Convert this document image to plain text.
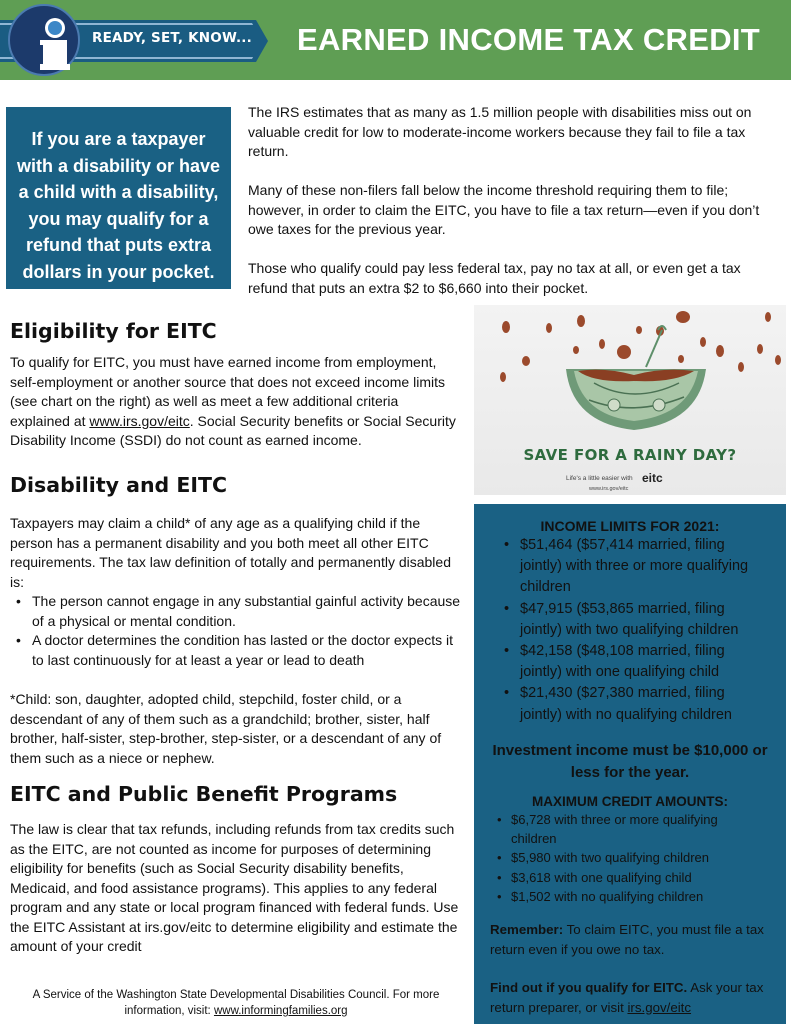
READY, SET, KNOW... EARNED INCOME TAX CREDIT
If you are a taxpayer with a disability or have a child with a disability, you may qualify for a refund that puts extra dollars in your pocket.

The IRS estimates that as many as 1.5 million people with disabilities miss out on valuable credit for low to moderate-income workers because they fail to file a tax return.

Many of these non-filers fall below the income threshold requiring them to file; however, in order to claim the EITC, you have to file a tax return—even if you don’t owe taxes for the previous year.

Those who qualify could pay less federal tax, pay no tax at all, or even get a tax refund that puts an extra $2 to $6,660 into their pocket.

Eligibility for EITC
To qualify for EITC, you must have earned income from employment, self-employment or another source that does not exceed income limits (see chart on the right) as well as meet a few additional criteria explained at www.irs.gov/eitc. Social Security benefits or Social Security Disability Income (SSDI) do not count as earned income.
Disability and EITC
Taxpayers may claim a child* of any age as a qualifying child if the person has a permanent disability and you both meet all other EITC requirements. The tax law definition of totally and permanently disabled is:
• The person cannot engage in any substantial gainful activity because of a physical or mental condition.
• A doctor determines the condition has lasted or the doctor expects it to last continuously for at least a year or lead to death
*Child: son, daughter, adopted child, stepchild, foster child, or a descendant of any of them such as a grandchild; brother, sister, half brother, half-sister, step-brother, step-sister, or a descendant of any of them such as a niece or nephew.
EITC and Public Benefit Programs
The law is clear that tax refunds, including refunds from tax credits such as the EITC, are not counted as income for purposes of determining eligibility for benefits (such as Social Security disability benefits, Medicaid, and food assistance programs). This applies to any federal program and any state or local program financed with federal funds. Use the EITC Assistant at irs.gov/eitc to determine eligibility and estimate the amount of your credit
A Service of the Washington State Developmental Disabilities Council. For more information, visit: www.informingfamilies.org
SAVE FOR A RAINY DAY?
Life's a little easier with eitc
www.irs.gov/eitc
INCOME LIMITS FOR 2021:
• $51,464 ($57,414 married, filing jointly) with three or more qualifying children
• $47,915 ($53,865 married, filing jointly) with two qualifying children
• $42,158 ($48,108 married, filing jointly) with one qualifying child
• $21,430 ($27,380 married, filing jointly) with no qualifying children
Investment income must be $10,000 or less for the year.
MAXIMUM CREDIT AMOUNTS:
• $6,728 with three or more qualifying children
• $5,980 with two qualifying children
• $3,618 with one qualifying child
• $1,502 with no qualifying children
Remember: To claim EITC, you must file a tax return even if you owe no tax.
Find out if you qualify for EITC. Ask your tax return preparer, or visit irs.gov/eitc
